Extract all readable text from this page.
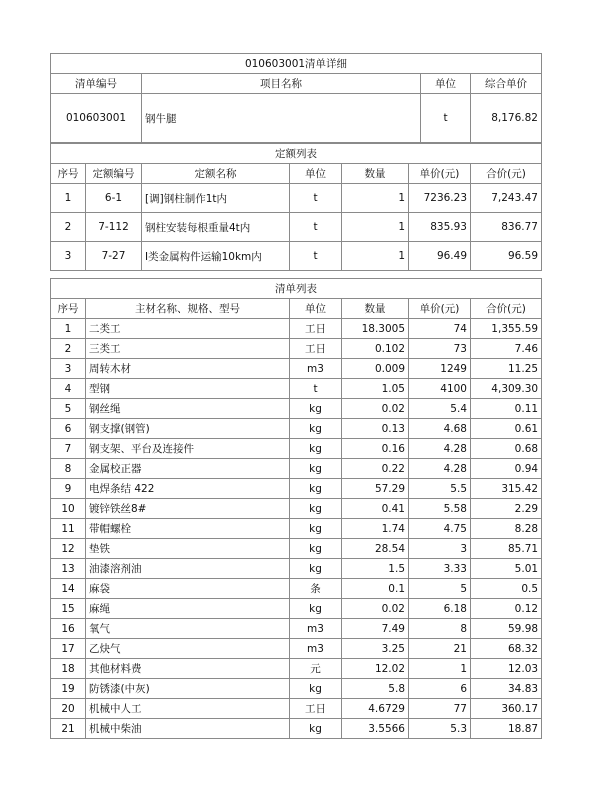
010603001清单详细			
清单编号	项目名称	单位	综合单价
010603001	钢牛腿	t	8,176.82
定额列表						
序号	定额编号	定额名称	单位	数量	单价(元)	合价(元)
1	6-1	[调]钢柱制作1t内	t	1	7236.23	7,243.47
2	7-112	钢柱安装每根重量4t内	t	1	835.93	836.77
3	7-27	Ⅰ类金属构件运输10km内	t	1	96.49	96.59
清单列表					
序号	主材名称、规格、型号	单位	数量	单价(元)	合价(元)
1	二类工	工日	18.3005	74	1,355.59
2	三类工	工日	0.102	73	7.46
3	周转木材	m3	0.009	1249	11.25
4	型钢	t	1.05	4100	4,309.30
5	钢丝绳	kg	0.02	5.4	0.11
6	钢支撑(钢管)	kg	0.13	4.68	0.61
7	钢支架、平台及连接件	kg	0.16	4.28	0.68
8	金属校正器	kg	0.22	4.28	0.94
9	电焊条结 422	kg	57.29	5.5	315.42
10	镀锌铁丝8#	kg	0.41	5.58	2.29
11	带帽螺栓	kg	1.74	4.75	8.28
12	垫铁	kg	28.54	3	85.71
13	油漆溶剂油	kg	1.5	3.33	5.01
14	麻袋	条	0.1	5	0.5
15	麻绳	kg	0.02	6.18	0.12
16	氧气	m3	7.49	8	59.98
17	乙炔气	m3	3.25	21	68.32
18	其他材料费	元	12.02	1	12.03
19	防锈漆(中灰)	kg	5.8	6	34.83
20	机械中人工	工日	4.6729	77	360.17
21	机械中柴油	kg	3.5566	5.3	18.87
